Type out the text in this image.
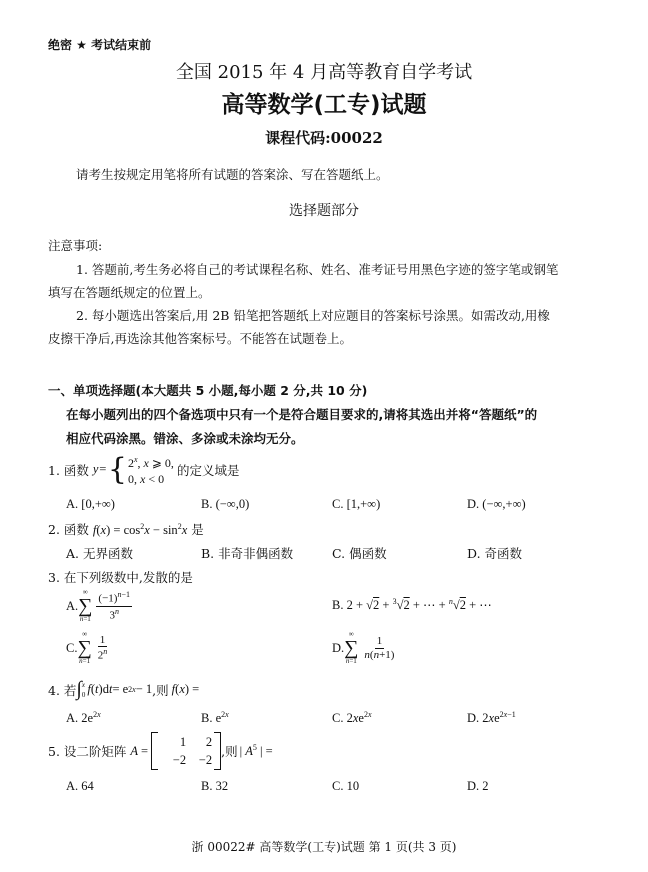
绝密 ★ 考试结束前
全国 2015 年 4 月高等教育自学考试
高等数学(工专)试题
课程代码:00022
请考生按规定用笔将所有试题的答案涂、写在答题纸上。
选择题部分
注意事项:
1. 答题前,考生务必将自己的考试课程名称、姓名、准考证号用黑色字迹的签字笔或钢笔
填写在答题纸规定的位置上。
2. 每小题选出答案后,用 2B 铅笔把答题纸上对应题目的答案标号涂黑。如需改动,用橡
皮擦干净后,再选涂其他答案标号。不能答在试题卷上。
一、单项选择题(本大题共 5 小题,每小题 2 分,共 10 分)
在每小题列出的四个备选项中只有一个是符合题目要求的,请将其选出并将“答题纸”的
相应代码涂黑。错涂、多涂或未涂均无分。
1. 函数 y= { 2$^x$, x ⩾ 0,
0, x < 0
的定义域是
A. [0,+∞)	B. (−∞,0)	C. [1,+∞)	D. (−∞,+∞)
2. 函数 $f(x) = \cos^2x - \sin^2x$ 是
A. 无界函数	B. 非奇非偶函数	C. 偶函数	D. 奇函数
3. 在下列级数中,发散的是
A.
∞
∑
$n=1 \frac{(-1)^{n-1}}{3^n}$	B. 2 + √2 + $^3$√2 + ⋯ + $^n$√2 + ⋯
C.
∞
∑
$n=1 \frac{1}{2^n}$	D.
∞
∑
$n=1 \frac{1}{n(n+1)}$
4. 若 ∫ x
0 f ( t )d t = e 2x − 1 ,则 f(x) =
A. $2e^{2x}$	B. $e^{2x}$	C. $2xe^{2x}$	D. $2xe^{2x-1}$
5. 设二阶矩阵 A =
1	2
−2	−2
,则 | $A^5$ | =
A. 64	B. 32	C. 10	D. 2
浙 00022# 高等数学(工专)试题 第 1 页(共 3 页)
